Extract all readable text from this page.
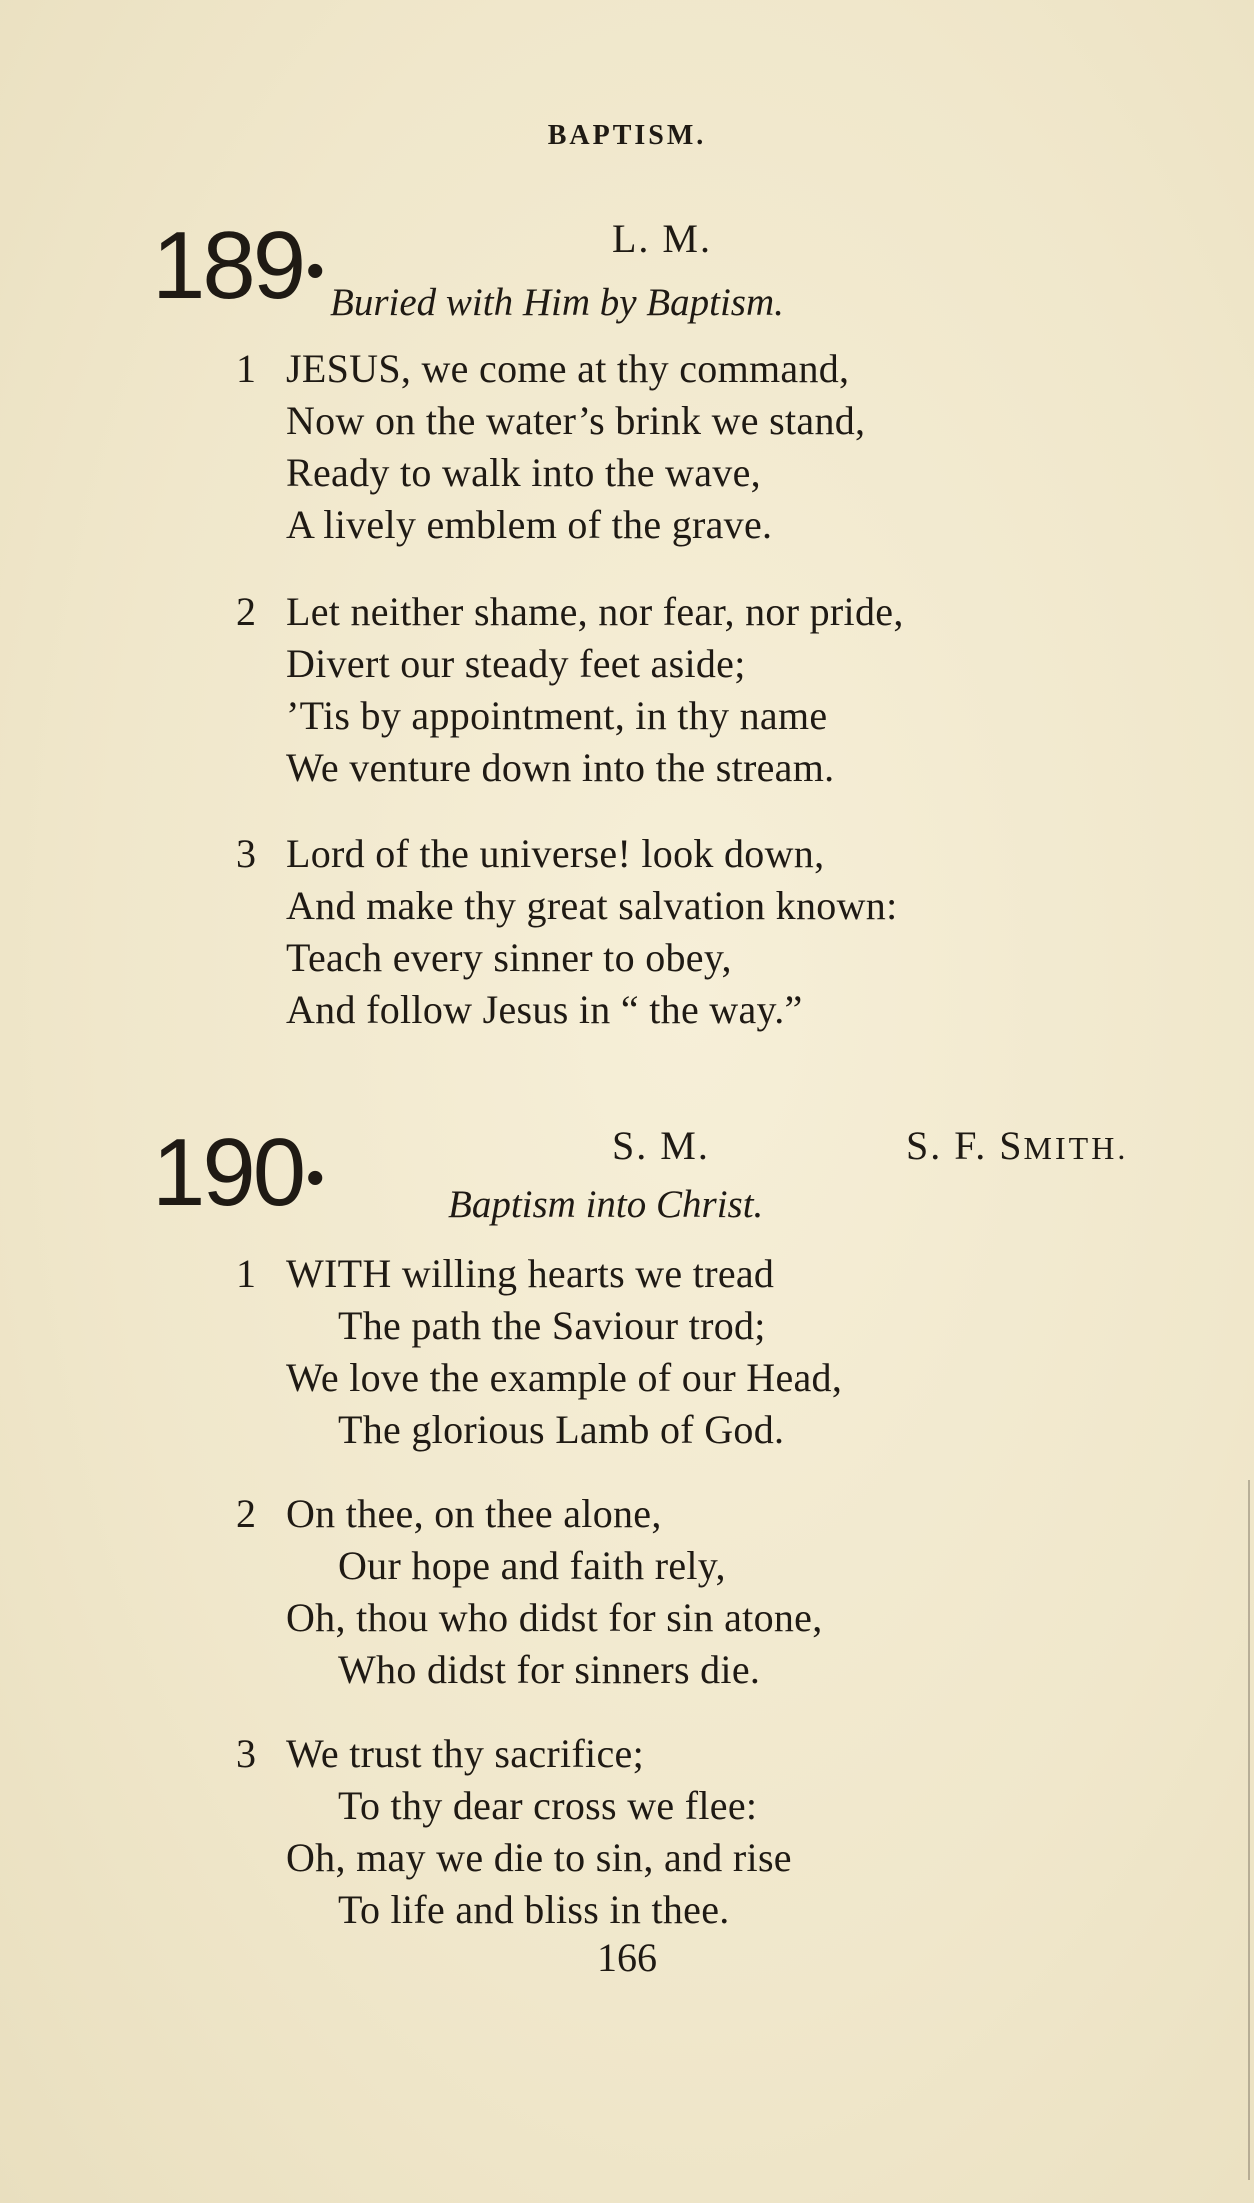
BAPTISM.
189•
L. M.
Buried with Him by Baptism.
1 JESUS, we come at thy command,
Now on the water’s brink we stand,
Ready to walk into the wave,
A lively emblem of the grave.
2 Let neither shame, nor fear, nor pride,
Divert our steady feet aside;
’Tis by appointment, in thy name
We venture down into the stream.
3 Lord of the universe! look down,
And make thy great salvation known:
Teach every sinner to obey,
And follow Jesus in “ the way.”
190•
S. M.	S. F. SMITH.
Baptism into Christ.
1 WITH willing hearts we tread
The path the Saviour trod;
We love the example of our Head,
The glorious Lamb of God.
2 On thee, on thee alone,
Our hope and faith rely,
Oh, thou who didst for sin atone,
Who didst for sinners die.
3 We trust thy sacrifice;
To thy dear cross we flee:
Oh, may we die to sin, and rise
To life and bliss in thee.
166
